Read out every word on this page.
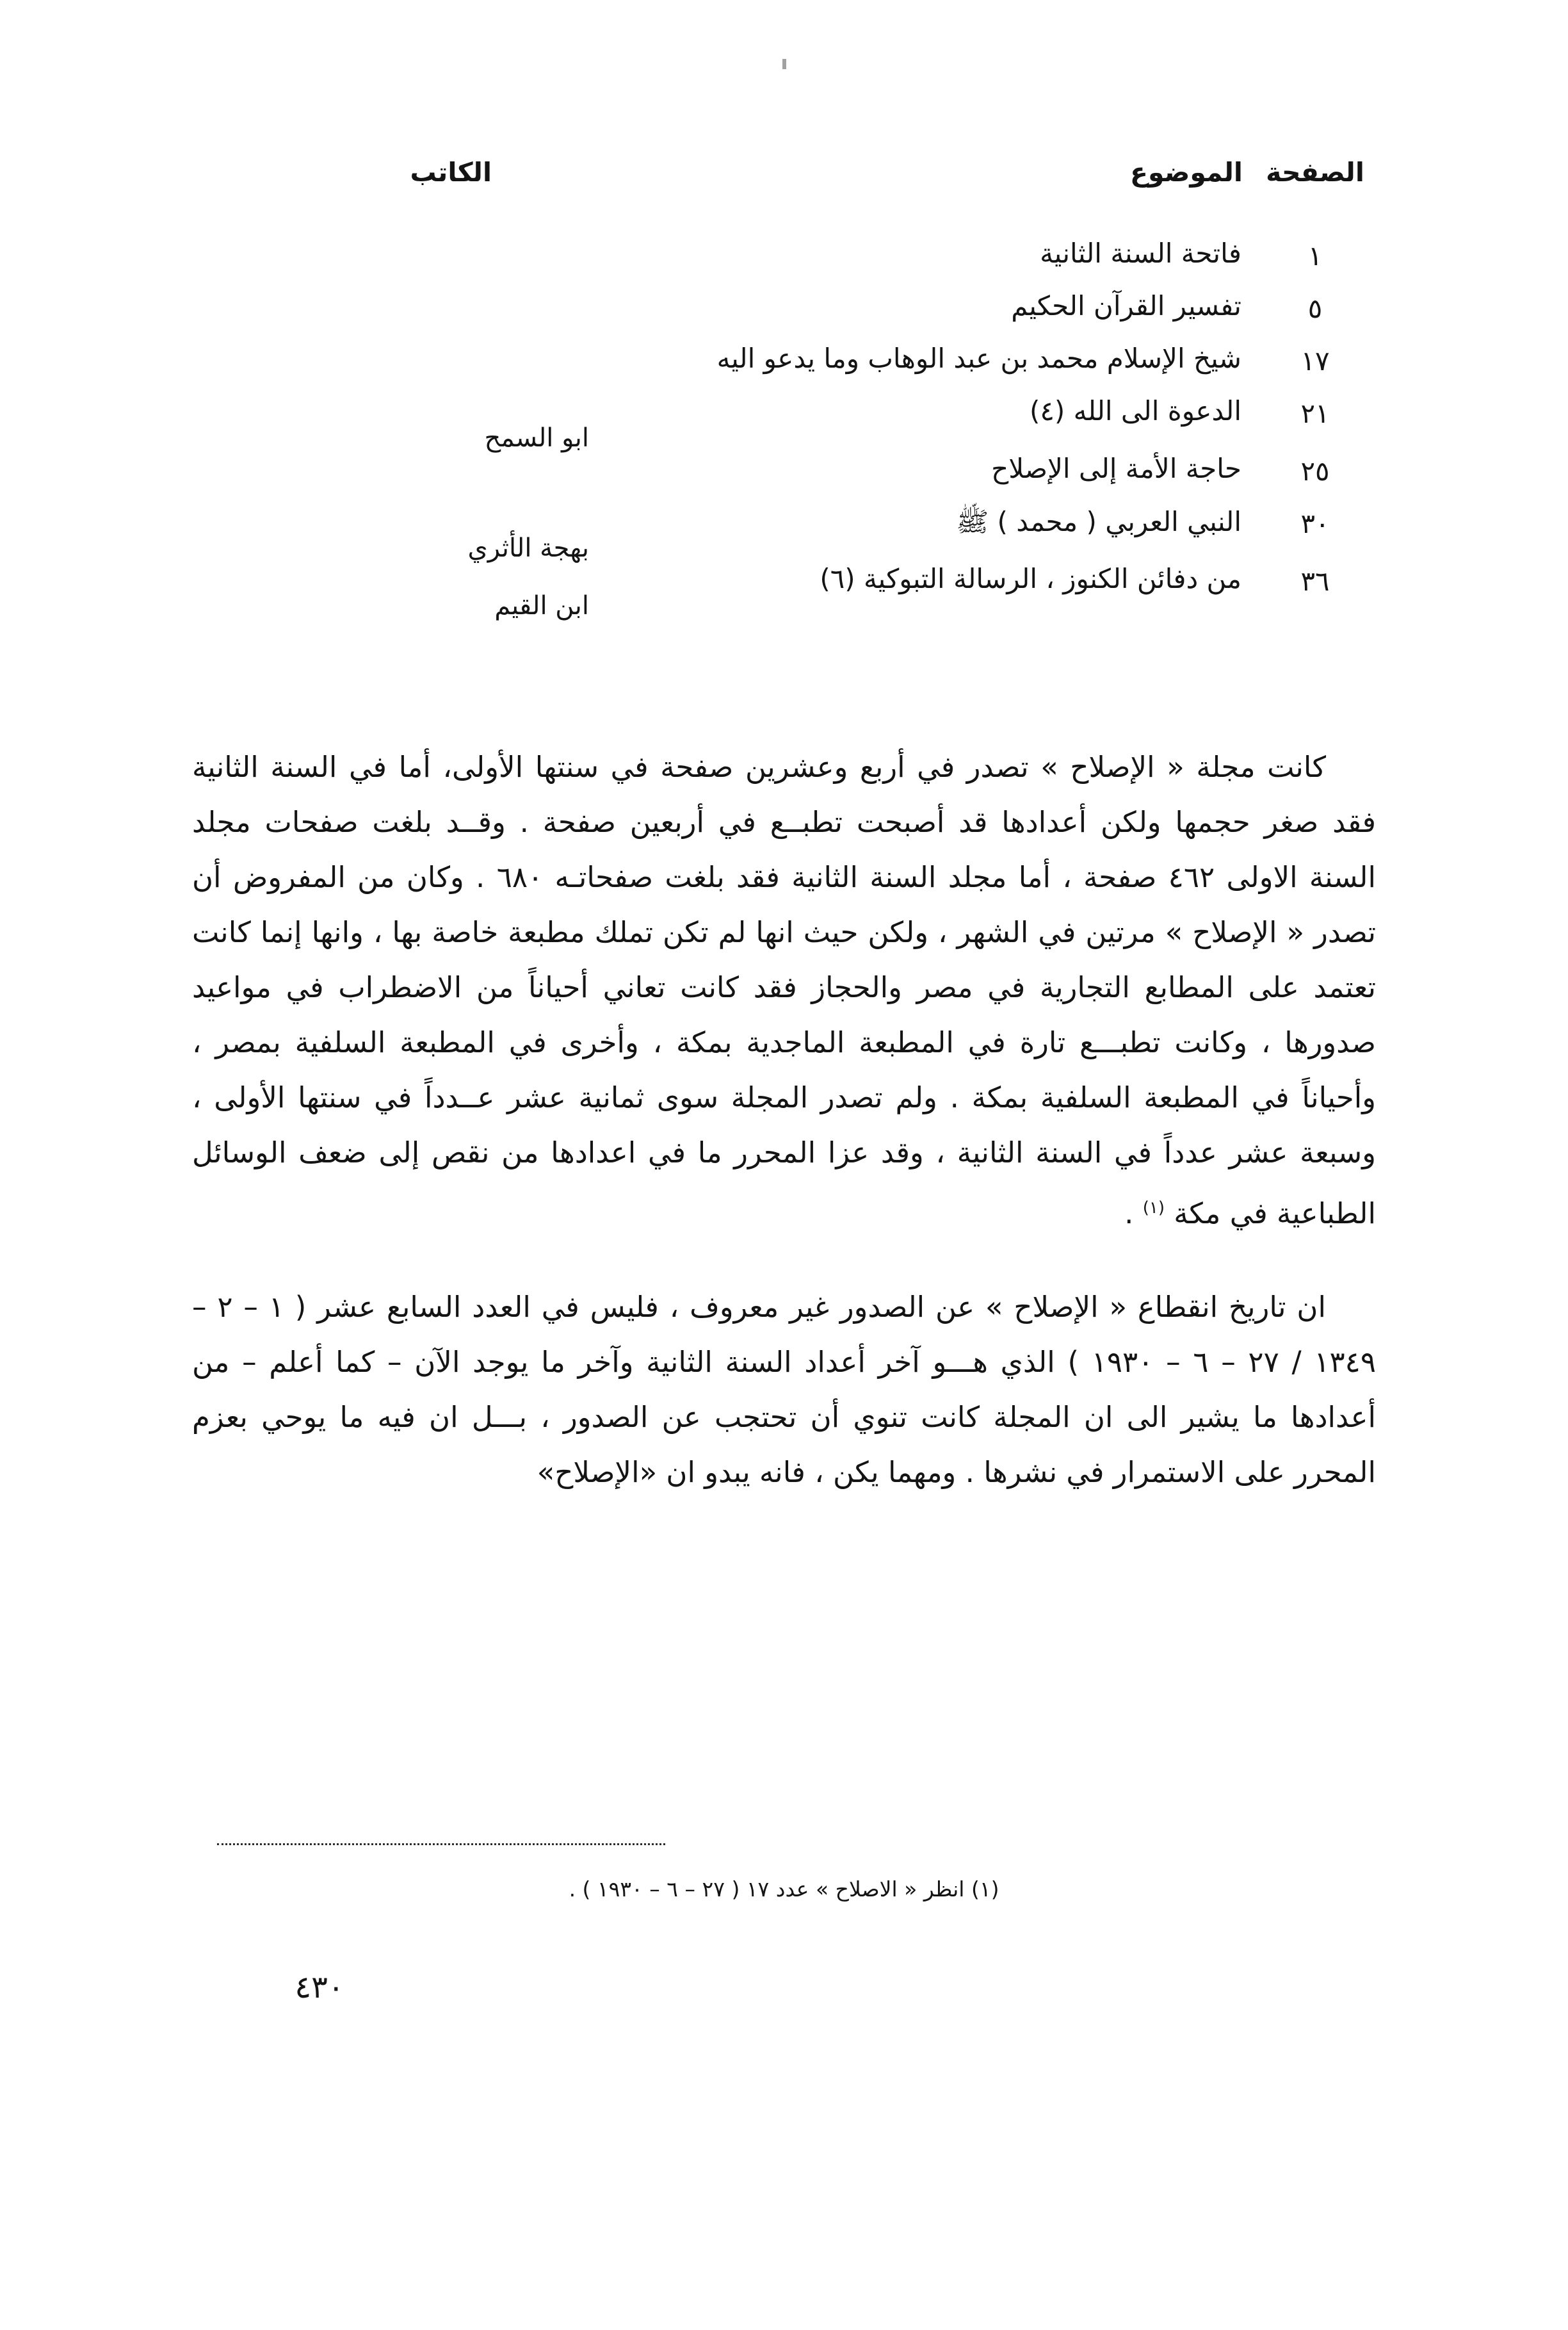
الصفحة
الموضوع
الكاتب
١
فاتحة السنة الثانية
٥
تفسير القرآن الحكيم
١٧
شيخ الإسلام محمد بن عبد الوهاب وما يدعو اليه
٢١
الدعوة الى الله (٤)
ابو السمح
٢٥
حاجة الأمة إلى الإصلاح
٣٠
النبي العربي ( محمد ) ﷺ
بهجة الأثري
٣٦
من دفائن الكنوز ، الرسالة التبوكية (٦)
ابن القيم

كانت مجلة « الإصلاح » تصدر في أربع وعشرين صفحة في سنتها الأولى، أما في السنة الثانية فقد صغر حجمها ولكن أعدادها قد أصبحت تطبــع في أربعين صفحة . وقــد بلغت صفحات مجلد السنة الاولى ٤٦٢ صفحة ، أما مجلد السنة الثانية فقد بلغت صفحاتـه ٦٨٠ . وكان من المفروض أن تصدر « الإصلاح » مرتين في الشهر ، ولكن حيث انها لم تكن تملك مطبعة خاصة بها ، وانها إنما كانت تعتمد على المطابع التجارية في مصر والحجاز فقد كانت تعاني أحياناً من الاضطراب في مواعيد صدورها ، وكانت تطبـــع تارة في المطبعة الماجدية بمكة ، وأخرى في المطبعة السلفية بمصر ، وأحياناً في المطبعة السلفية بمكة . ولم تصدر المجلة سوى ثمانية عشر عــدداً في سنتها الأولى ، وسبعة عشر عدداً في السنة الثانية ، وقد عزا المحرر ما في اعدادها من نقص إلى ضعف الوسائل الطباعية في مكة $^{(١)}$ .

ان تاريخ انقطاع « الإصلاح » عن الصدور غير معروف ، فليس في العدد السابع عشر ( ١ – ٢ – ١٣٤٩ / ٢٧ – ٦ – ١٩٣٠ ) الذي هـــو آخر أعداد السنة الثانية وآخر ما يوجد الآن – كما أعلم – من أعدادها ما يشير الى ان المجلة كانت تنوي أن تحتجب عن الصدور ، بـــل ان فيه ما يوحي بعزم المحرر على الاستمرار في نشرها . ومهما يكن ، فانه يبدو ان «الإصلاح»

(١) انظر « الاصلاح » عدد ١٧ ( ٢٧ – ٦ – ١٩٣٠ ) .
٤٣٠
